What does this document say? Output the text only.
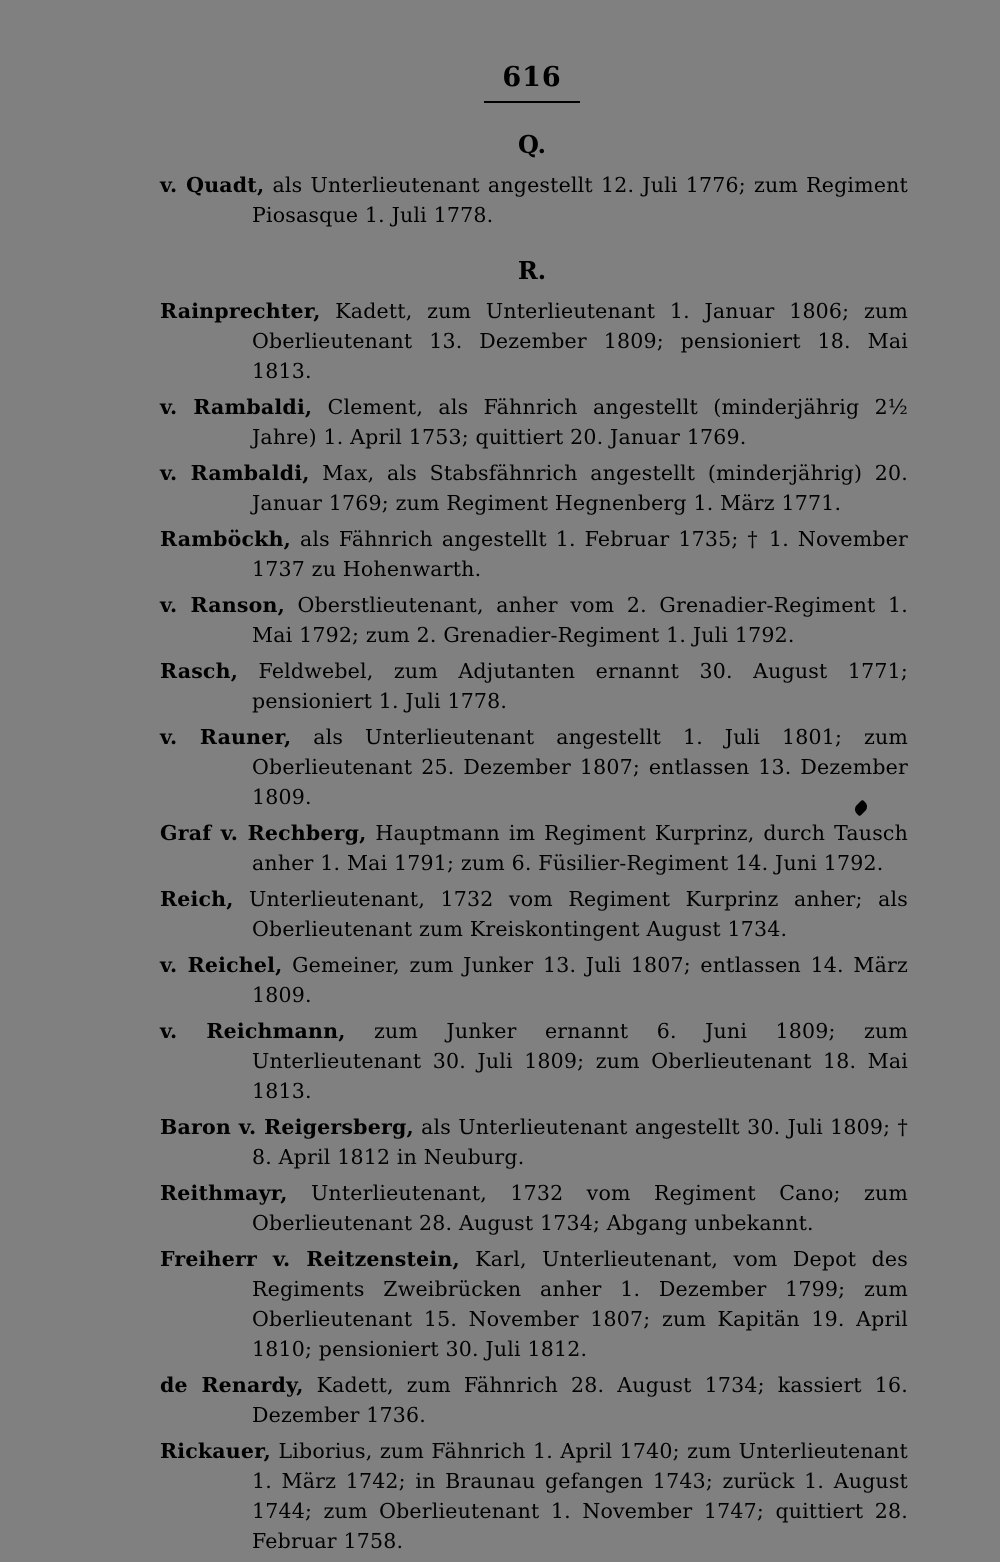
616
Q.

v. Quadt, als Unterlieutenant angestellt 12. Juli 1776; zum Regiment Piosasque 1. Juli 1778.

R.

Rainprechter, Kadett, zum Unterlieutenant 1. Januar 1806; zum Oberlieutenant 13. Dezember 1809; pensioniert 18. Mai 1813.

v. Rambaldi, Clement, als Fähnrich angestellt (minderjährig 2½ Jahre) 1. April 1753; quittiert 20. Januar 1769.

v. Rambaldi, Max, als Stabsfähnrich angestellt (minderjährig) 20. Januar 1769; zum Regiment Hegnenberg 1. März 1771.

Ramböckh, als Fähnrich angestellt 1. Februar 1735; † 1. November 1737 zu Hohenwarth.

v. Ranson, Oberstlieutenant, anher vom 2. Grenadier-Regiment 1. Mai 1792; zum 2. Grenadier-Regiment 1. Juli 1792.

Rasch, Feldwebel, zum Adjutanten ernannt 30. August 1771; pensioniert 1. Juli 1778.

v. Rauner, als Unterlieutenant angestellt 1. Juli 1801; zum Oberlieutenant 25. Dezember 1807; entlassen 13. Dezember 1809.

Graf v. Rechberg, Hauptmann im Regiment Kurprinz, durch Tausch anher 1. Mai 1791; zum 6. Füsilier-Regiment 14. Juni 1792.

Reich, Unterlieutenant, 1732 vom Regiment Kurprinz anher; als Oberlieutenant zum Kreiskontingent August 1734.

v. Reichel, Gemeiner, zum Junker 13. Juli 1807; entlassen 14. März 1809.

v. Reichmann, zum Junker ernannt 6. Juni 1809; zum Unterlieutenant 30. Juli 1809; zum Oberlieutenant 18. Mai 1813.

Baron v. Reigersberg, als Unterlieutenant angestellt 30. Juli 1809; † 8. April 1812 in Neuburg.

Reithmayr, Unterlieutenant, 1732 vom Regiment Cano; zum Oberlieutenant 28. August 1734; Abgang unbekannt.

Freiherr v. Reitzenstein, Karl, Unterlieutenant, vom Depot des Regiments Zweibrücken anher 1. Dezember 1799; zum Oberlieutenant 15. November 1807; zum Kapitän 19. April 1810; pensioniert 30. Juli 1812.

de Renardy, Kadett, zum Fähnrich 28. August 1734; kassiert 16. Dezember 1736.

Rickauer, Liborius, zum Fähnrich 1. April 1740; zum Unterlieutenant 1. März 1742; in Braunau gefangen 1743; zurück 1. August 1744; zum Oberlieutenant 1. November 1747; quittiert 28. Februar 1758.
